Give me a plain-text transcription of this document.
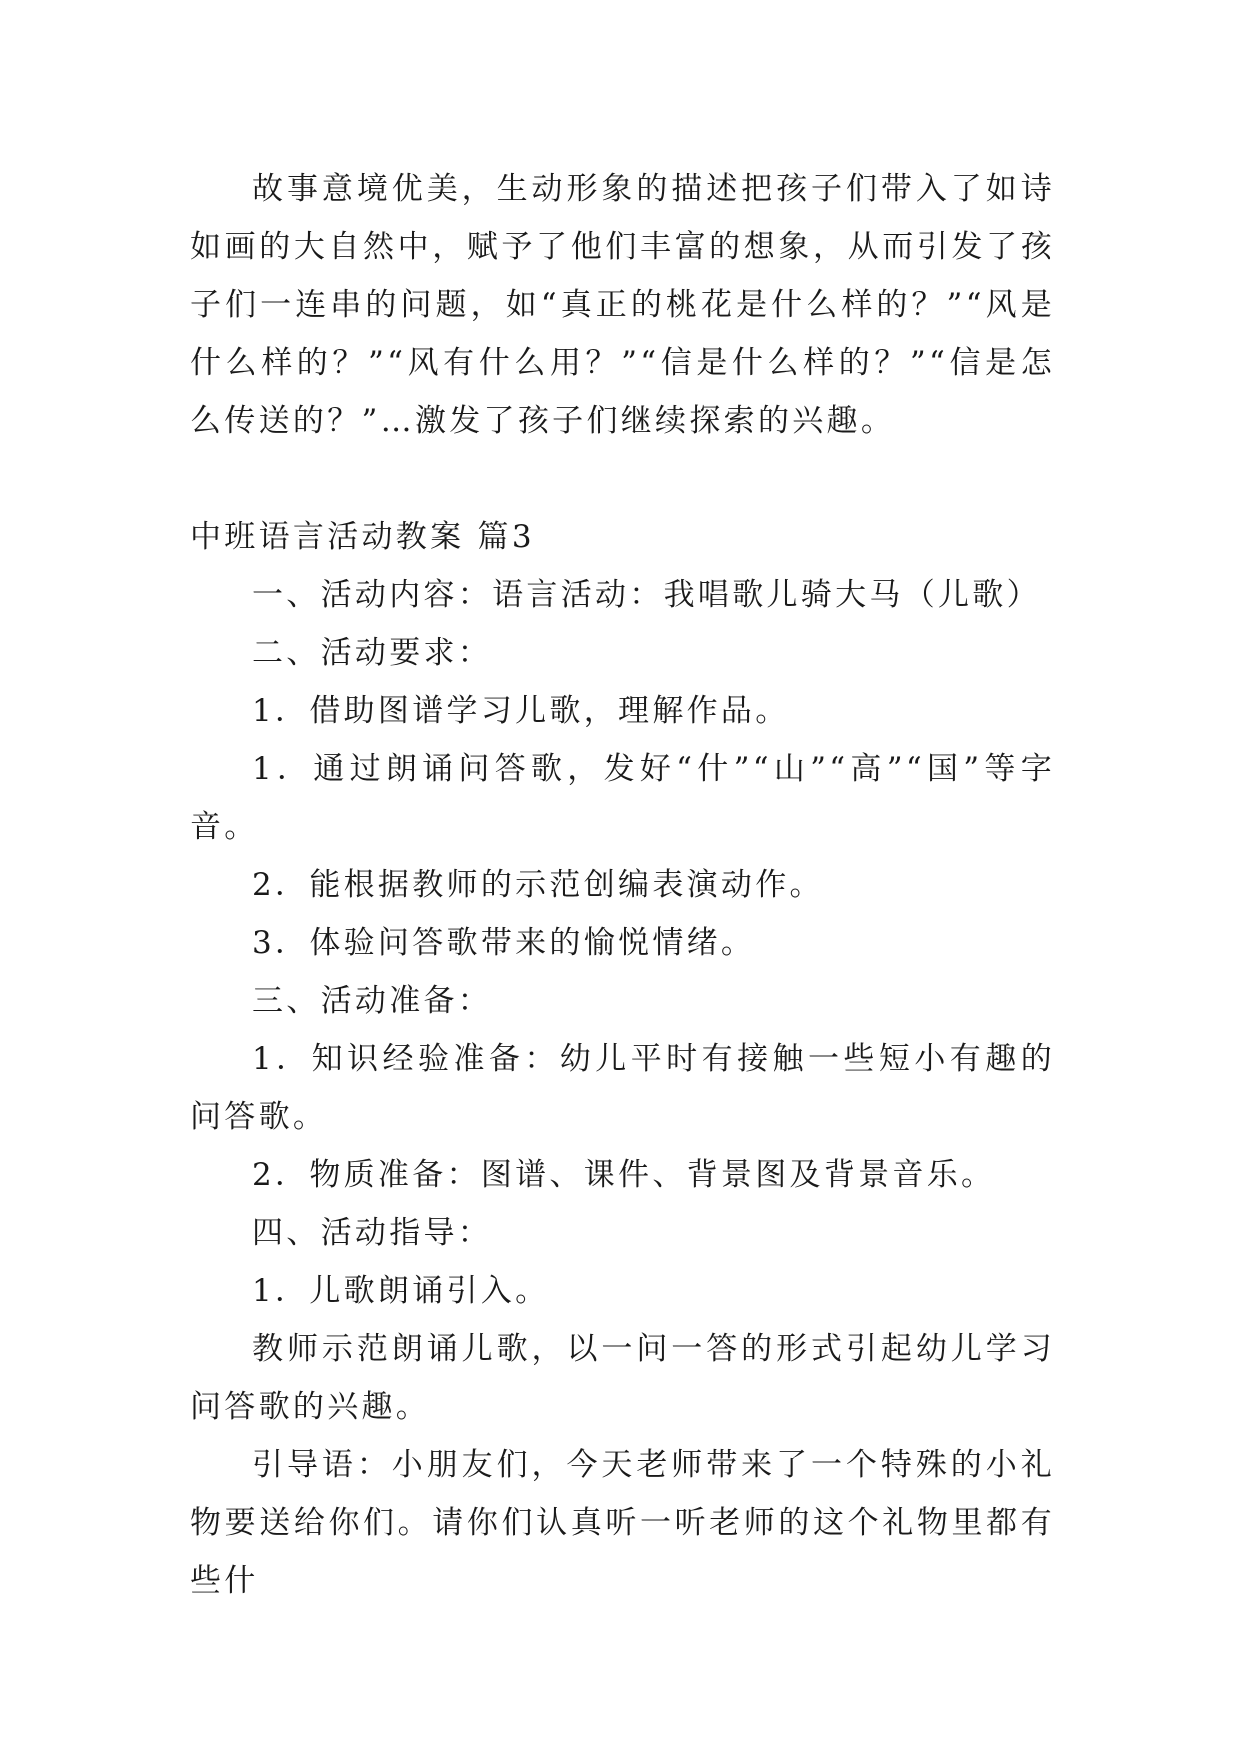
故事意境优美，生动形象的描述把孩子们带入了如诗如画的大自然中，赋予了他们丰富的想象，从而引发了孩子们一连串的问题，如“真正的桃花是什么样的？”“风是什么样的？”“风有什么用？”“信是什么样的？”“信是怎么传送的？”…激发了孩子们继续探索的兴趣。

中班语言活动教案 篇3

一、活动内容：语言活动：我唱歌儿骑大马（儿歌）

二、活动要求：

1．借助图谱学习儿歌，理解作品。

1．通过朗诵问答歌，发好“什”“山”“高”“国”等字音。

2．能根据教师的示范创编表演动作。

3．体验问答歌带来的愉悦情绪。

三、活动准备：

1．知识经验准备：幼儿平时有接触一些短小有趣的问答歌。

2．物质准备：图谱、课件、背景图及背景音乐。

四、活动指导：

1．儿歌朗诵引入。

教师示范朗诵儿歌，以一问一答的形式引起幼儿学习问答歌的兴趣。

引导语：小朋友们，今天老师带来了一个特殊的小礼物要送给你们。请你们认真听一听老师的这个礼物里都有些什
